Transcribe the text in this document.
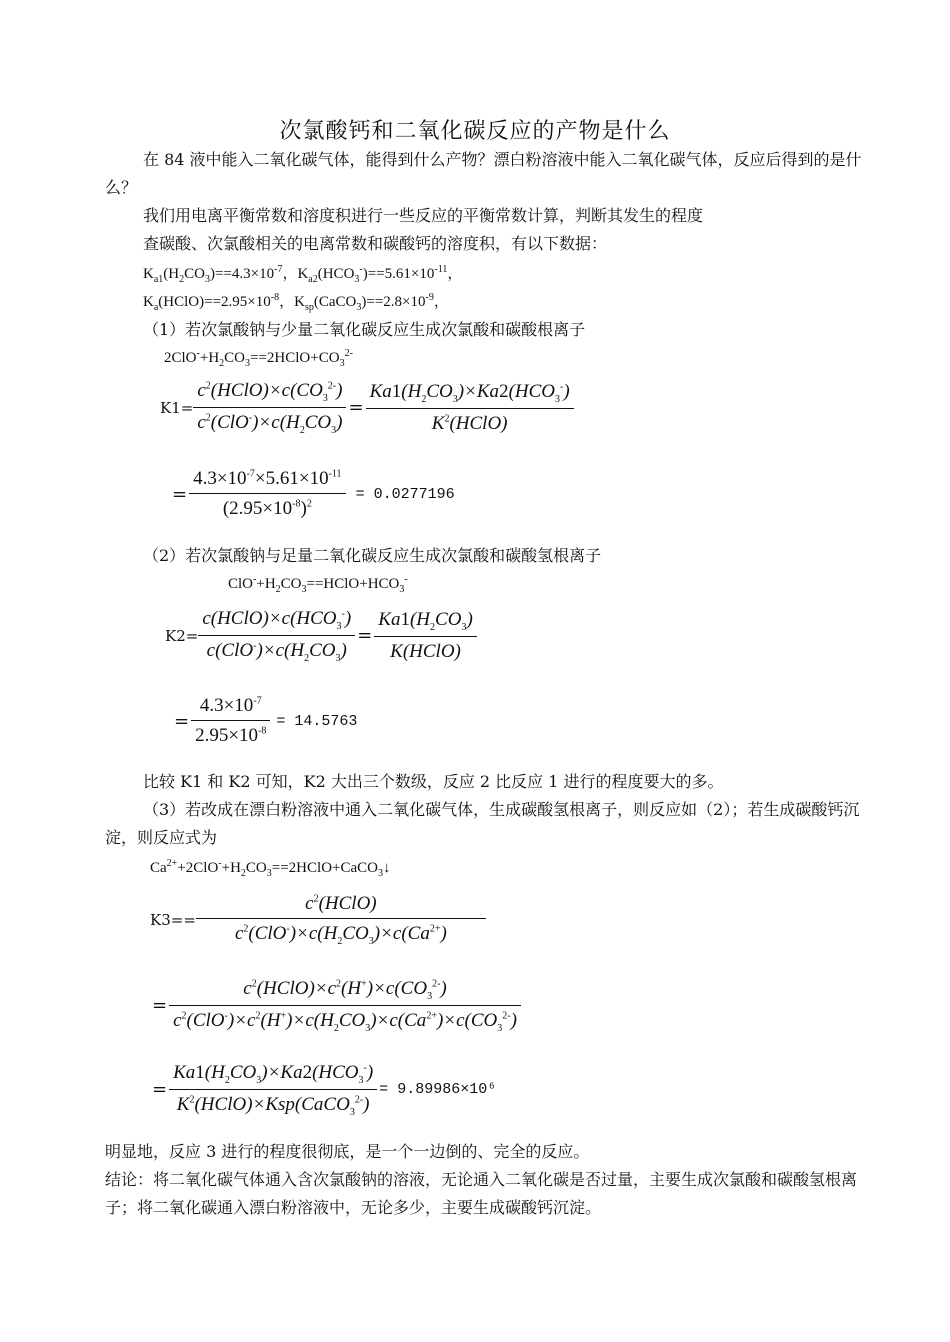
次氯酸钙和二氧化碳反应的产物是什么
在 84 液中能入二氧化碳气体，能得到什么产物？漂白粉溶液中能入二氧化碳气体，反应后得到的是什么？
我们用电离平衡常数和溶度积进行一些反应的平衡常数计算，判断其发生的程度
查碳酸、次氯酸相关的电离常数和碳酸钙的溶度积，有以下数据：
$K_{a1}(H_2CO_3)==4.3\times 10^{-7}$，$K_{a2}(HCO_3^-)==5.61\times 10^{-11}$，
$K_a(HClO)==2.95\times 10^{-8}$，$K_{sp}(CaCO_3)==2.8\times 10^{-9}$，
（1）若次氯酸钠与少量二氧化碳反应生成次氯酸和碳酸根离子
$2ClO^-+H_2CO_3==2HClO+CO_3^{2-}$
$K1= \frac{c^2(HClO)\times c(CO_3^{2-})}{c^2(ClO^-)\times c(H_2CO_3)} = \frac{Ka1(H_2CO_3)\times Ka2(HCO_3^-)}{K^2(HClO)}$
= $\frac{4.3\times 10^{-7}\times 5.61\times 10^{-11}}{(2.95\times 10^{-8})^2} = 0.0277196$
（2）若次氯酸钠与足量二氧化碳反应生成次氯酸和碳酸氢根离子
$ClO^-+H_2CO_3==HClO+HCO_3^-$
$K2= \frac{c(HClO)\times c(HCO_3^-)}{c(ClO^-)\times c(H_2CO_3)} = \frac{Ka1(H_2CO_3)}{\text{K(HClO)}}$
= $\frac{4.3\times 10^{-7}}{2.95\times 10^{-8}} = 14.5763$
比较 K1 和 K2 可知，K2 大出三个数级，反应 2 比反应 1 进行的程度要大的多。
（3）若改成在漂白粉溶液中通入二氧化碳气体，生成碳酸氢根离子，则反应如（2）；若生成碳酸钙沉淀，则反应式为
$Ca^{2+}+2ClO^-+H_2CO_3==2HClO+CaCO_3↓$
$K3== \frac{c^2(HClO)}{c^2(ClO^-)\times c(H_2CO_3)\times c(Ca^{2+})}$
= $\frac{c^2(HClO)\times c^2(H^+)\times c(CO_3^{2-})}{c^2(ClO^-)\times c^2(H^+)\times c(H_2CO_3)\times c(Ca^{2+})\times c(CO_3^{2-})}$
= $\frac{Ka1(H_2CO_3)\times Ka2(HCO_3^-)}{K^2(HClO)\times Ksp(CaCO_3^{2-})} = 9.89986\times 10^6$
明显地，反应 3 进行的程度很彻底，是一个一边倒的、完全的反应。
结论：将二氧化碳气体通入含次氯酸钠的溶液，无论通入二氧化碳是否过量，主要生成次氯酸和碳酸氢根离子；将二氧化碳通入漂白粉溶液中，无论多少，主要生成碳酸钙沉淀。
